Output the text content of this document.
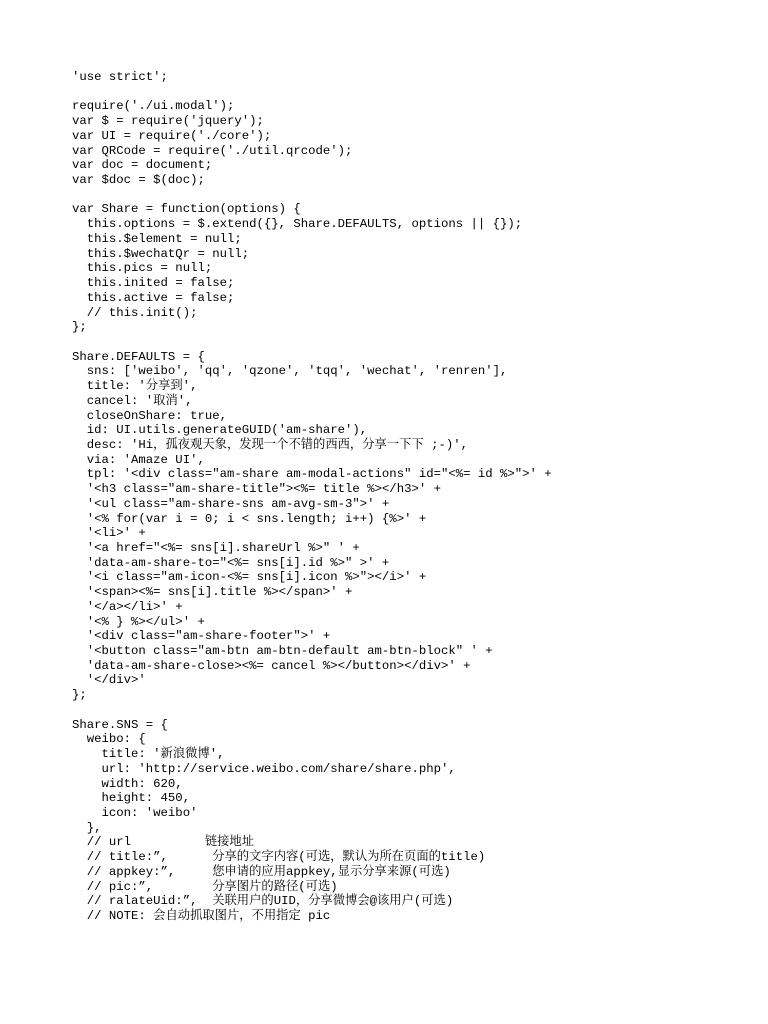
'use strict';
require('./ui.modal');
var $ = require('jquery');
var UI = require('./core');
var QRCode = require('./util.qrcode');
var doc = document;
var $doc = $(doc);
var Share = function(options) {
this.options = $.extend({}, Share.DEFAULTS, options || {});
this.$element = null;
this.$wechatQr = null;
this.pics = null;
this.inited = false;
this.active = false;
// this.init();
};
Share.DEFAULTS = {
sns: ['weibo', 'qq', 'qzone', 'tqq', 'wechat', 'renren'],
title: '分享到',
cancel: '取消',
closeOnShare: true,
id: UI.utils.generateGUID('am-share'),
desc: 'Hi，孤夜观天象，发现一个不错的西西，分享一下下 ;-)',
via: 'Amaze UI',
tpl: '<div class="am-share am-modal-actions" id="<%= id %>">' +
'<h3 class="am-share-title"><%= title %></h3>' +
'<ul class="am-share-sns am-avg-sm-3">' +
'<% for(var i = 0; i < sns.length; i++) {%>' +
'<li>' +
'<a href="<%= sns[i].shareUrl %>" ' +
'data-am-share-to="<%= sns[i].id %>" >' +
'<i class="am-icon-<%= sns[i].icon %>"></i>' +
'<span><%= sns[i].title %></span>' +
'</a></li>' +
'<% } %></ul>' +
'<div class="am-share-footer">' +
'<button class="am-btn am-btn-default am-btn-block" ' +
'data-am-share-close><%= cancel %></button></div>' +
'</div>'
};
Share.SNS = {
weibo: {
title: '新浪微博',
url: 'http://service.weibo.com/share/share.php',
width: 620,
height: 450,
icon: 'weibo'
},
// url          链接地址
// title:”,      分享的文字内容(可选，默认为所在页面的title)
// appkey:”,     您申请的应用appkey,显示分享来源(可选)
// pic:”,        分享图片的路径(可选)
// ralateUid:”,  关联用户的UID，分享微博会@该用户(可选)
// NOTE: 会自动抓取图片，不用指定 pic
